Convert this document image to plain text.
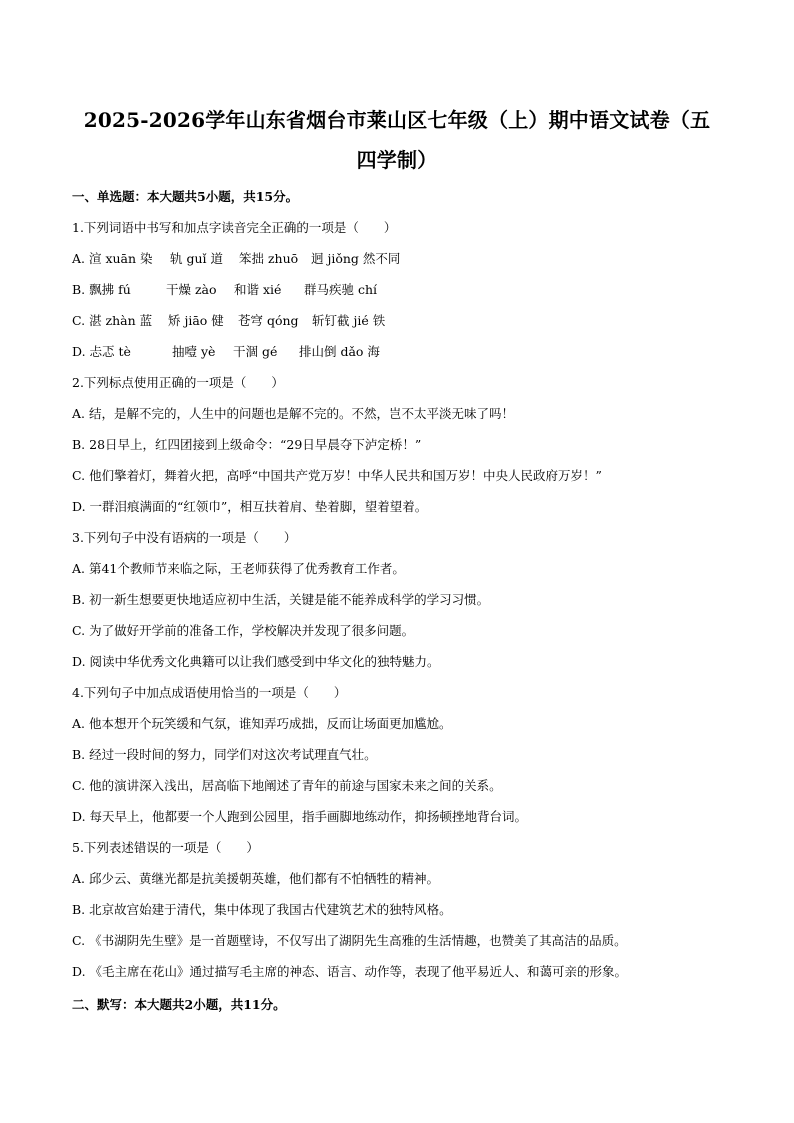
2025-2026学年山东省烟台市莱山区七年级（上）期中语文试卷（五
四学制）
一、单选题：本大题共5小题，共15分。
1.下列词语中书写和加点字读音完全正确的一项是（　　）
A. 渲 xuān 染 轨 guǐ 道 笨拙 zhuō 迥 jiǒng 然不同
B. 飘拂 fú	干燥 zào 和谐 xié 群马疾驰 chí
C. 湛 zhàn 蓝 矫 jiāo 健 苍穹 qóng 斩钉截 jié 铁
D. 忐忑 tè	抽噎 yè 干涸 gé 排山倒 dǎo 海
2.下列标点使用正确的一项是（　　）
A. 结，是解不完的，人生中的问题也是解不完的。不然，岂不太平淡无味了吗！
B. 28日早上，红四团接到上级命令：“29日早晨夺下泸定桥！”
C. 他们擎着灯，舞着火把，高呼“中国共产党万岁！中华人民共和国万岁！中央人民政府万岁！”
D. 一群泪痕满面的“红领巾”，相互扶着肩、垫着脚，望着望着。
3.下列句子中没有语病的一项是（　　）
A. 第41个教师节来临之际，王老师获得了优秀教育工作者。
B. 初一新生想要更快地适应初中生活，关键是能不能养成科学的学习习惯。
C. 为了做好开学前的准备工作，学校解决并发现了很多问题。
D. 阅读中华优秀文化典籍可以让我们感受到中华文化的独特魅力。
4.下列句子中加点成语使用恰当的一项是（　　）
A. 他本想开个玩笑缓和气氛，谁知弄巧成拙，反而让场面更加尴尬。
B. 经过一段时间的努力，同学们对这次考试理直气壮。
C. 他的演讲深入浅出，居高临下地阐述了青年的前途与国家未来之间的关系。
D. 每天早上，他都要一个人跑到公园里，指手画脚地练动作，抑扬顿挫地背台词。
5.下列表述错误的一项是（　　）
A. 邱少云、黄继光都是抗美援朝英雄，他们都有不怕牺牲的精神。
B. 北京故宫始建于清代，集中体现了我国古代建筑艺术的独特风格。
C. 《书湖阴先生壁》是一首题壁诗，不仅写出了湖阴先生高雅的生活情趣，也赞美了其高洁的品质。
D. 《毛主席在花山》通过描写毛主席的神态、语言、动作等，表现了他平易近人、和蔼可亲的形象。
二、默写：本大题共2小题，共11分。
